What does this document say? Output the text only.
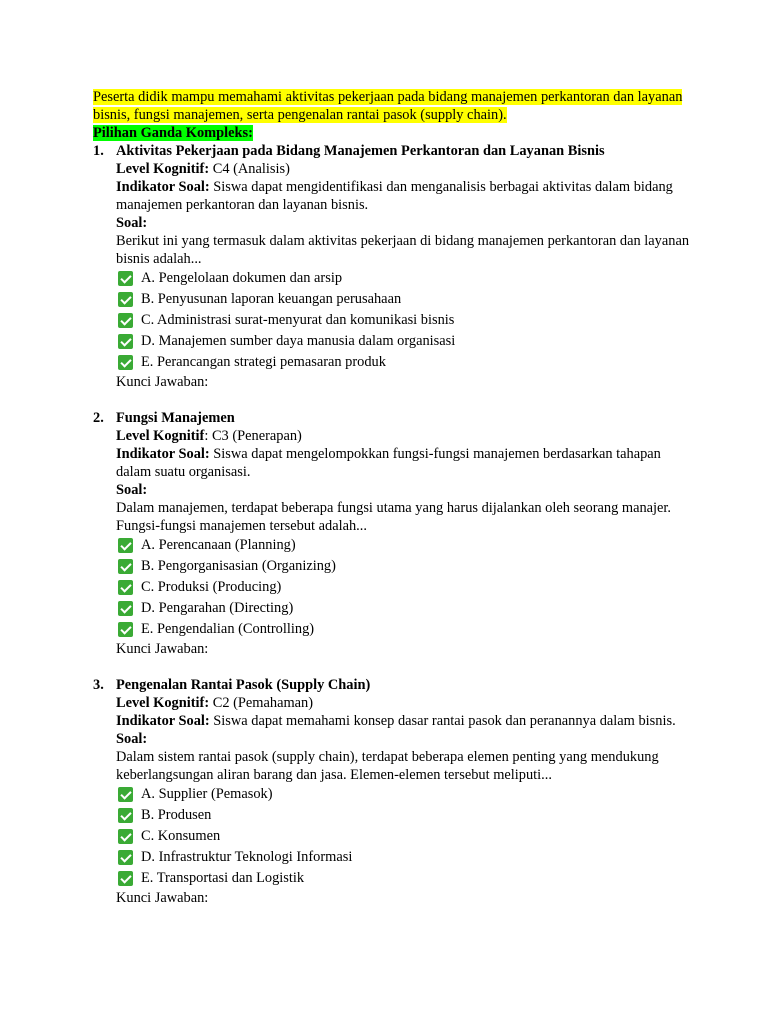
Peserta didik mampu memahami aktivitas pekerjaan pada bidang manajemen perkantoran dan layanan bisnis, fungsi manajemen, serta pengenalan rantai pasok (supply chain).

Pilihan Ganda Kompleks:
1. Aktivitas Pekerjaan pada Bidang Manajemen Perkantoran dan Layanan Bisnis
Level Kognitif: C4 (Analisis)
Indikator Soal: Siswa dapat mengidentifikasi dan menganalisis berbagai aktivitas dalam bidang manajemen perkantoran dan layanan bisnis.
Soal:
Berikut ini yang termasuk dalam aktivitas pekerjaan di bidang manajemen perkantoran dan layanan bisnis adalah...
A. Pengelolaan dokumen dan arsip
B. Penyusunan laporan keuangan perusahaan
C. Administrasi surat-menyurat dan komunikasi bisnis
D. Manajemen sumber daya manusia dalam organisasi
E. Perancangan strategi pemasaran produk
Kunci Jawaban:
2. Fungsi Manajemen
Level Kognitif: C3 (Penerapan)
Indikator Soal: Siswa dapat mengelompokkan fungsi-fungsi manajemen berdasarkan tahapan dalam suatu organisasi.
Soal:
Dalam manajemen, terdapat beberapa fungsi utama yang harus dijalankan oleh seorang manajer. Fungsi-fungsi manajemen tersebut adalah...
A. Perencanaan (Planning)
B. Pengorganisasian (Organizing)
C. Produksi (Producing)
D. Pengarahan (Directing)
E. Pengendalian (Controlling)
Kunci Jawaban:
3. Pengenalan Rantai Pasok (Supply Chain)
Level Kognitif: C2 (Pemahaman)
Indikator Soal: Siswa dapat memahami konsep dasar rantai pasok dan peranannya dalam bisnis.
Soal:
Dalam sistem rantai pasok (supply chain), terdapat beberapa elemen penting yang mendukung keberlangsungan aliran barang dan jasa. Elemen-elemen tersebut meliputi...
A. Supplier (Pemasok)
B. Produsen
C. Konsumen
D. Infrastruktur Teknologi Informasi
E. Transportasi dan Logistik
Kunci Jawaban:
